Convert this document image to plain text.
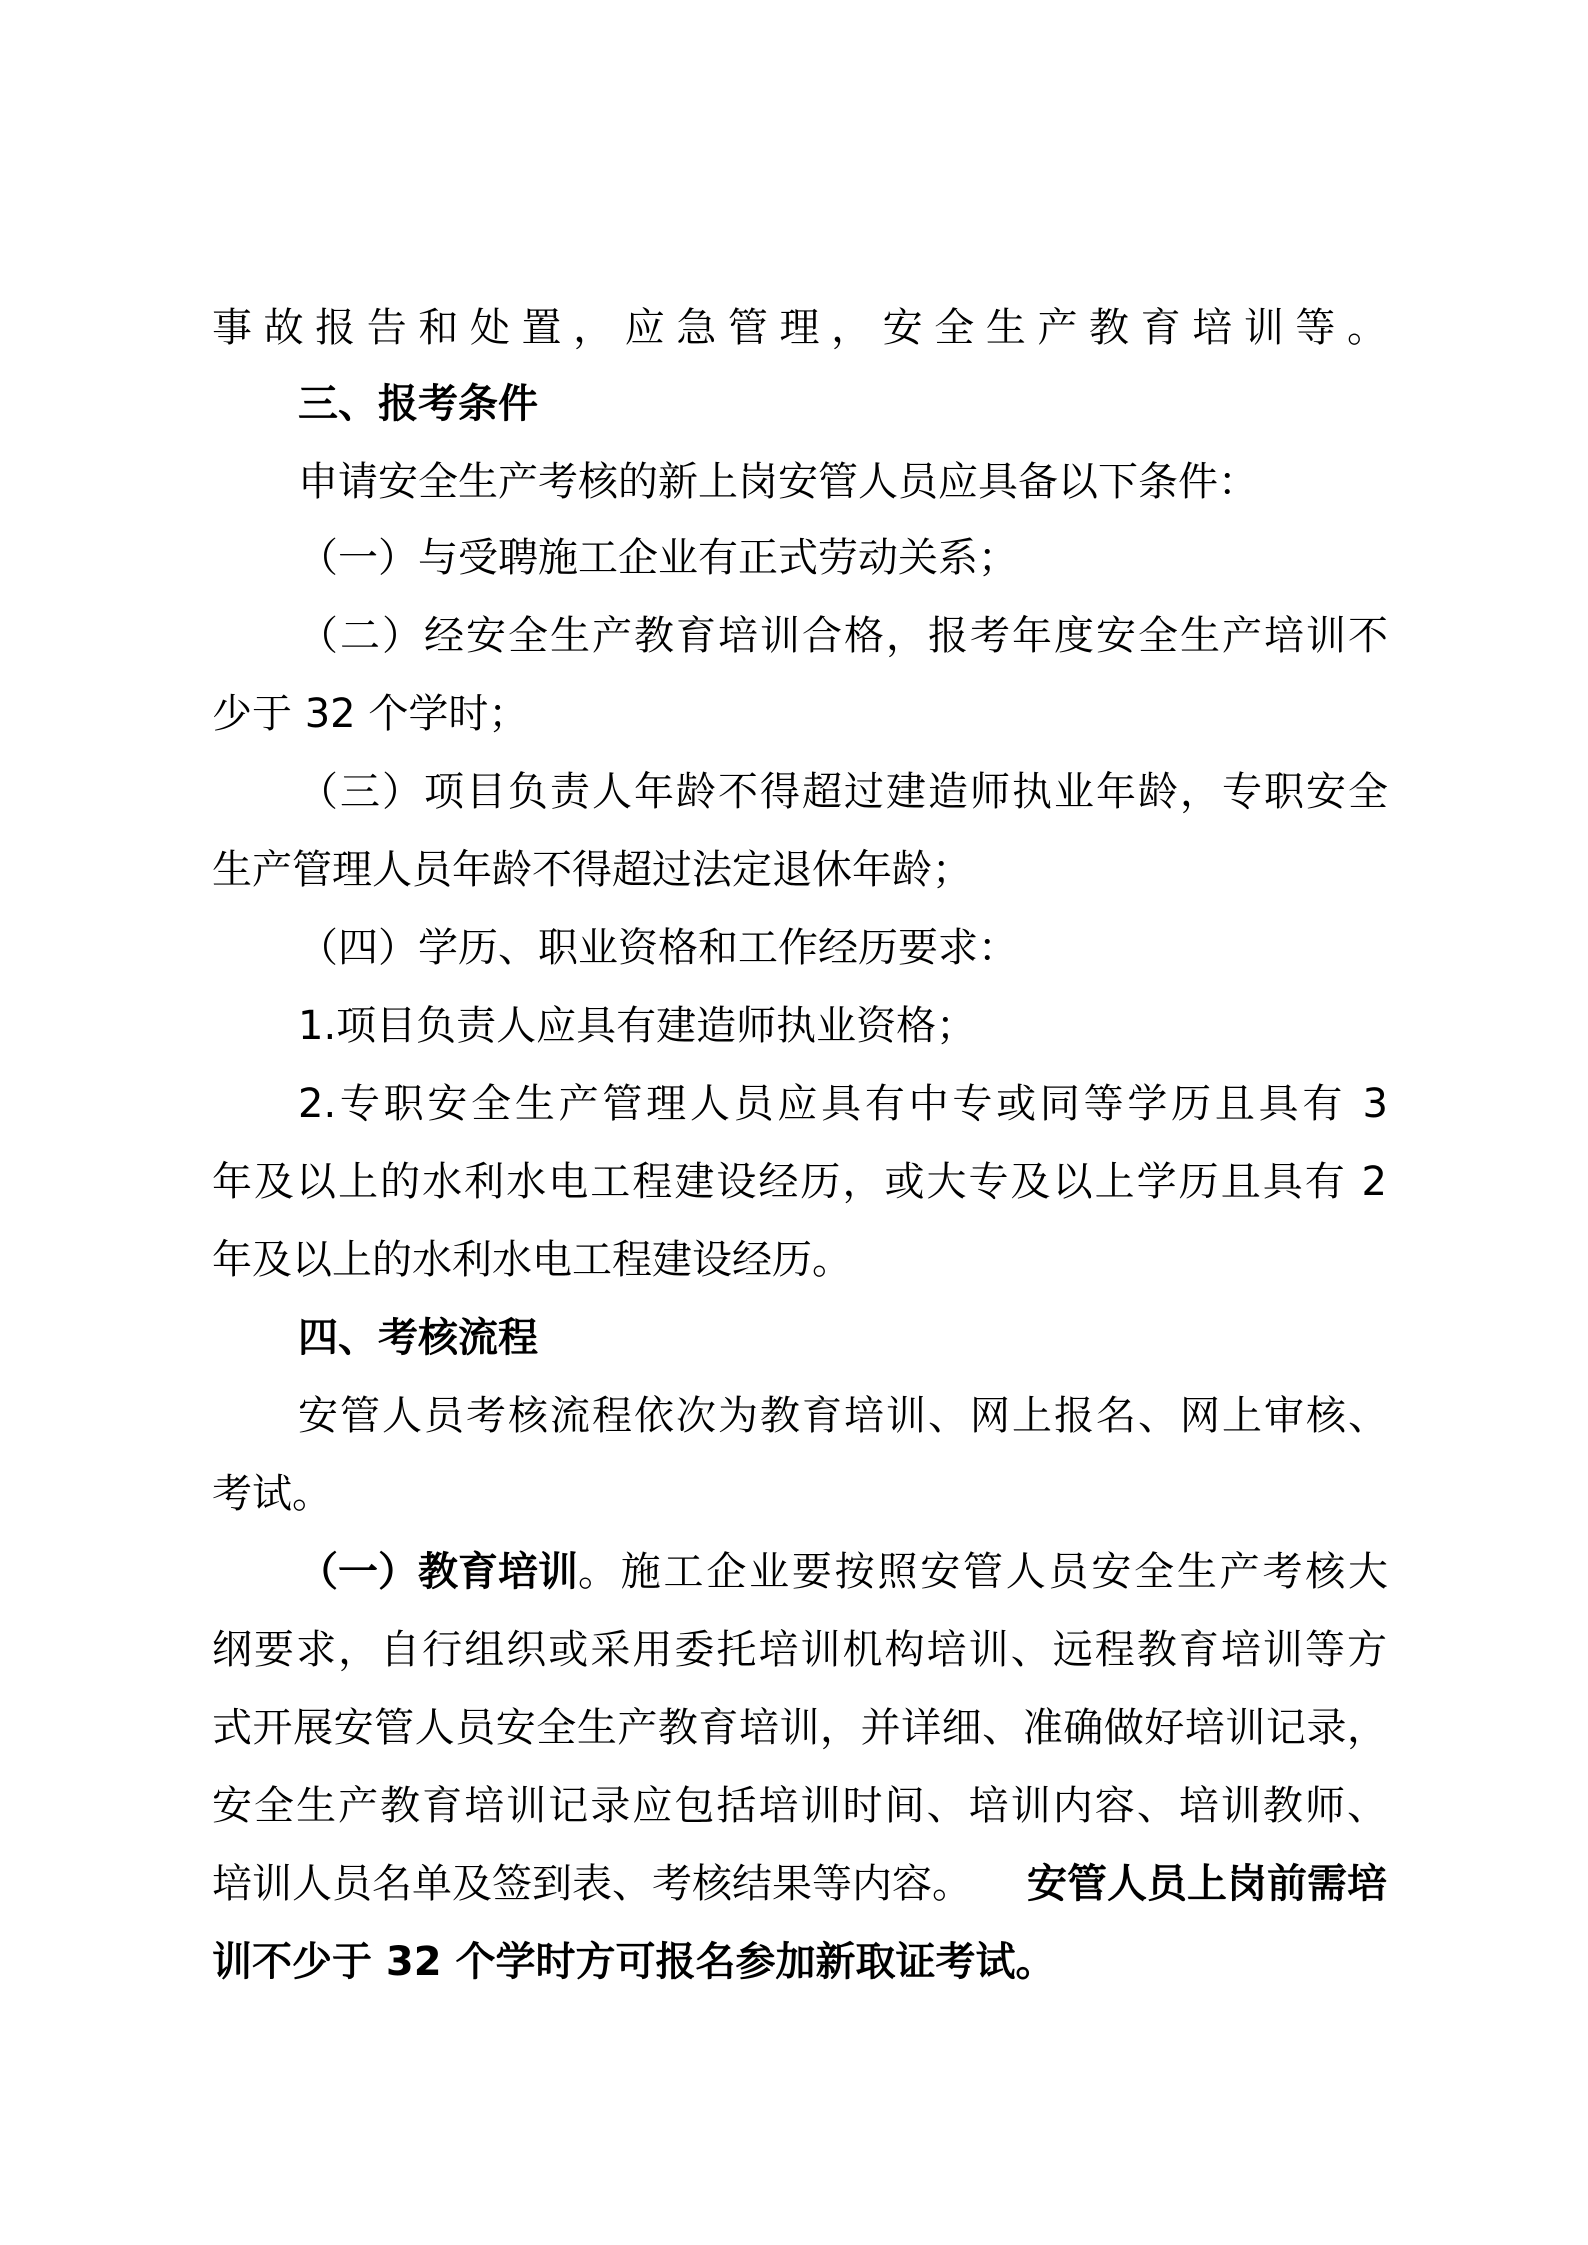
事故报告和处置，应急管理，安全生产教育培训等。
三、报考条件
申请安全生产考核的新上岗安管人员应具备以下条件：
（一）与受聘施工企业有正式劳动关系；
（二）经安全生产教育培训合格，报考年度安全生产培训不
少于 32 个学时；
（三）项目负责人年龄不得超过建造师执业年龄，专职安全
生产管理人员年龄不得超过法定退休年龄；
（四）学历、职业资格和工作经历要求：
1.项目负责人应具有建造师执业资格；
2.专职安全生产管理人员应具有中专或同等学历且具有 3
年及以上的水利水电工程建设经历，或大专及以上学历且具有 2
年及以上的水利水电工程建设经历。
四、考核流程
安管人员考核流程依次为教育培训、网上报名、网上审核、
考试。
（一）教育培训 。施工企业要按照安管人员安全生产考核大
纲要求，自行组织或采用委托培训机构培训、远程教育培训等方
式开展安管人员安全生产教育培训，并详细、准确做好培训记录，
安全生产教育培训记录应包括培训时间、培训内容、培训教师、
培训人员名单及签到表、考核结果等内容。 安管人员上岗前需培
训不少于 32 个学时方可报名参加新取证考试。
